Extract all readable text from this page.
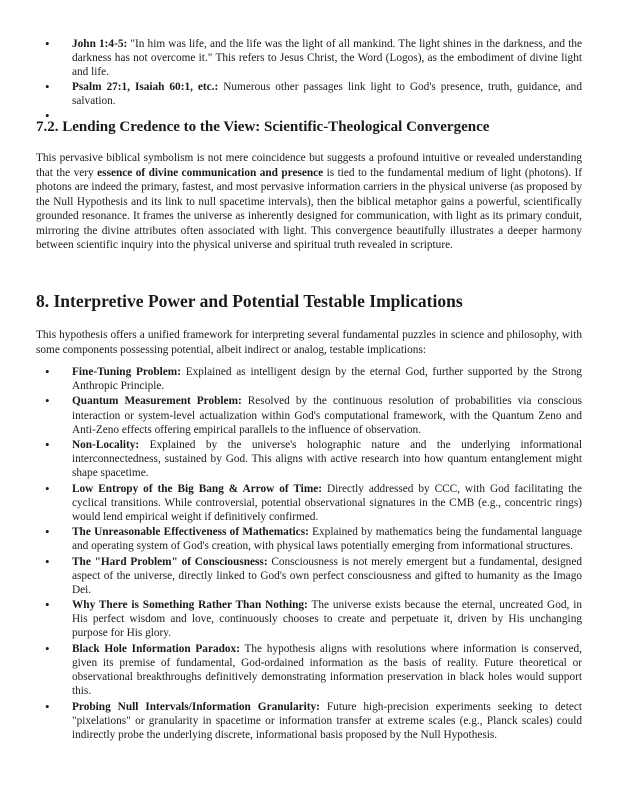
• John 1:4-5: "In him was life, and the life was the light of all mankind. The light shines in the darkness, and the darkness has not overcome it." This refers to Jesus Christ, the Word (Logos), as the embodiment of divine light and life.
• Psalm 27:1, Isaiah 60:1, etc.: Numerous other passages link light to God's presence, truth, guidance, and salvation.
•
7.2. Lending Credence to the View: Scientific-Theological Convergence

This pervasive biblical symbolism is not mere coincidence but suggests a profound intuitive or revealed understanding that the very essence of divine communication and presence is tied to the fundamental medium of light (photons). If photons are indeed the primary, fastest, and most pervasive information carriers in the physical universe (as proposed by the Null Hypothesis and its link to null spacetime intervals), then the biblical metaphor gains a powerful, scientifically grounded resonance. It frames the universe as inherently designed for communication, with light as its primary conduit, mirroring the divine attributes often associated with light. This convergence beautifully illustrates a deeper harmony between scientific inquiry into the physical universe and spiritual truth revealed in scripture.

8. Interpretive Power and Potential Testable Implications

This hypothesis offers a unified framework for interpreting several fundamental puzzles in science and philosophy, with some components possessing potential, albeit indirect or analog, testable implications:

• Fine-Tuning Problem: Explained as intelligent design by the eternal God, further supported by the Strong Anthropic Principle.
• Quantum Measurement Problem: Resolved by the continuous resolution of probabilities via conscious interaction or system-level actualization within God's computational framework, with the Quantum Zeno and Anti-Zeno effects offering empirical parallels to the influence of observation.
• Non-Locality: Explained by the universe's holographic nature and the underlying informational interconnectedness, sustained by God. This aligns with active research into how quantum entanglement might shape spacetime.
• Low Entropy of the Big Bang & Arrow of Time: Directly addressed by CCC, with God facilitating the cyclical transitions. While controversial, potential observational signatures in the CMB (e.g., concentric rings) would lend empirical weight if definitively confirmed.
• The Unreasonable Effectiveness of Mathematics: Explained by mathematics being the fundamental language and operating system of God's creation, with physical laws potentially emerging from informational structures.
• The "Hard Problem" of Consciousness: Consciousness is not merely emergent but a fundamental, designed aspect of the universe, directly linked to God's own perfect consciousness and gifted to humanity as the Imago Dei.
• Why There is Something Rather Than Nothing: The universe exists because the eternal, uncreated God, in His perfect wisdom and love, continuously chooses to create and perpetuate it, driven by His unchanging purpose for His glory.
• Black Hole Information Paradox: The hypothesis aligns with resolutions where information is conserved, given its premise of fundamental, God-ordained information as the basis of reality. Future theoretical or observational breakthroughs definitively demonstrating information preservation in black holes would support this.
• Probing Null Intervals/Information Granularity: Future high-precision experiments seeking to detect "pixelations" or granularity in spacetime or information transfer at extreme scales (e.g., Planck scales) could indirectly probe the underlying discrete, informational basis proposed by the Null Hypothesis.
